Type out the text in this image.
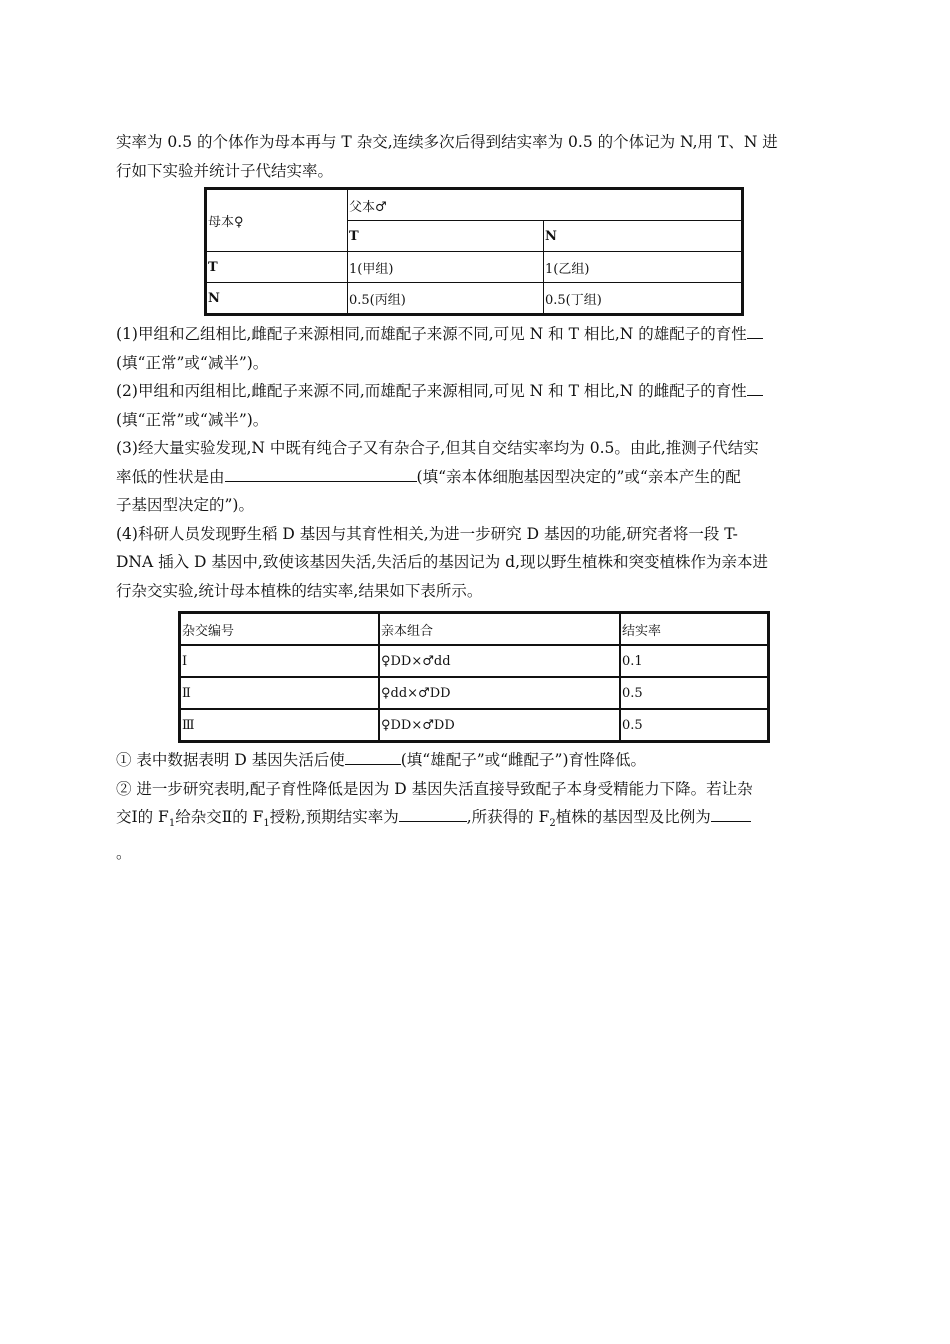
实率为 0.5 的个体作为母本再与 T 杂交,连续多次后得到结实率为 0.5 的个体记为 N,用 T、N 进

行如下实验并统计子代结实率。

母本♀	父本♂	
	T	N
T	1(甲组)	1(乙组)
N	0.5(丙组)	0.5(丁组)

(1)甲组和乙组相比,雌配子来源相同,而雄配子来源不同,可见 N 和 T 相比,N 的雄配子的育性

(填“正常”或“减半”)。

(2)甲组和丙组相比,雌配子来源不同,而雄配子来源相同,可见 N 和 T 相比,N 的雌配子的育性

(填“正常”或“减半”)。

(3)经大量实验发现,N 中既有纯合子又有杂合子,但其自交结实率均为 0.5。由此,推测子代结实

率低的性状是由	(填“亲本体细胞基因型决定的”或“亲本产生的配

子基因型决定的”)。

(4)科研人员发现野生稻 D 基因与其育性相关,为进一步研究 D 基因的功能,研究者将一段 T-

DNA 插入 D 基因中,致使该基因失活,失活后的基因记为 d,现以野生植株和突变植株作为亲本进

行杂交实验,统计母本植株的结实率,结果如下表所示。

杂交编号	亲本组合	结实率
Ⅰ	♀DD×♂dd	0.1
Ⅱ	♀dd×♂DD	0.5
Ⅲ	♀DD×♂DD	0.5

① 表中数据表明 D 基因失活后使	(填“雄配子”或“雌配子”)育性降低。

② 进一步研究表明,配子育性降低是因为 D 基因失活直接导致配子本身受精能力下降。若让杂

交Ⅰ的 $F_1$给杂交Ⅱ的 $F_1$授粉,预期结实率为	,所获得的 $F_2$植株的基因型及比例为

。
